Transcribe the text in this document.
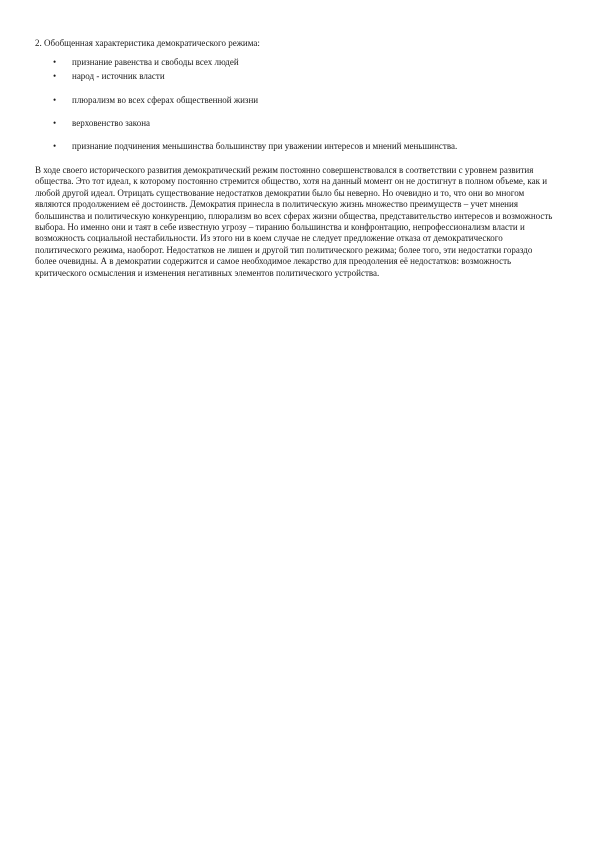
2. Обобщенная характеристика демократического режима:
•	признание равенства и свободы всех людей
•	народ - источник власти
•	плюрализм во всех сферах общественной жизни
•	верховенство закона
•	признание подчинения меньшинства большинству при уважении интересов и мнений меньшинства.

В ходе своего исторического развития демократический режим постоянно совершенствовался в соответствии с уровнем развития общества. Это тот идеал, к которому постоянно стремится общество, хотя на данный момент он не достигнут в полном объеме, как и любой другой идеал. Отрицать существование недостатков демократии было бы неверно. Но очевидно и то, что они во многом являются продолжением её достоинств. Демократия принесла в политическую жизнь множество преимуществ – учет мнения большинства и политическую конкуренцию, плюрализм во всех сферах жизни общества, представительство интересов и возможность выбора. Но именно они и таят в себе известную угрозу – тиранию большинства и конфронтацию, непрофессионализм власти и возможность социальной нестабильности. Из этого ни в коем случае не следует предложение отказа от демократического политического режима, наоборот. Недостатков не лишен и другой тип политического режима; более того, эти недостатки гораздо более очевидны. А в демократии содержится и самое необходимое лекарство для преодоления её недостатков: возможность критического осмысления и изменения негативных элементов политического устройства.
